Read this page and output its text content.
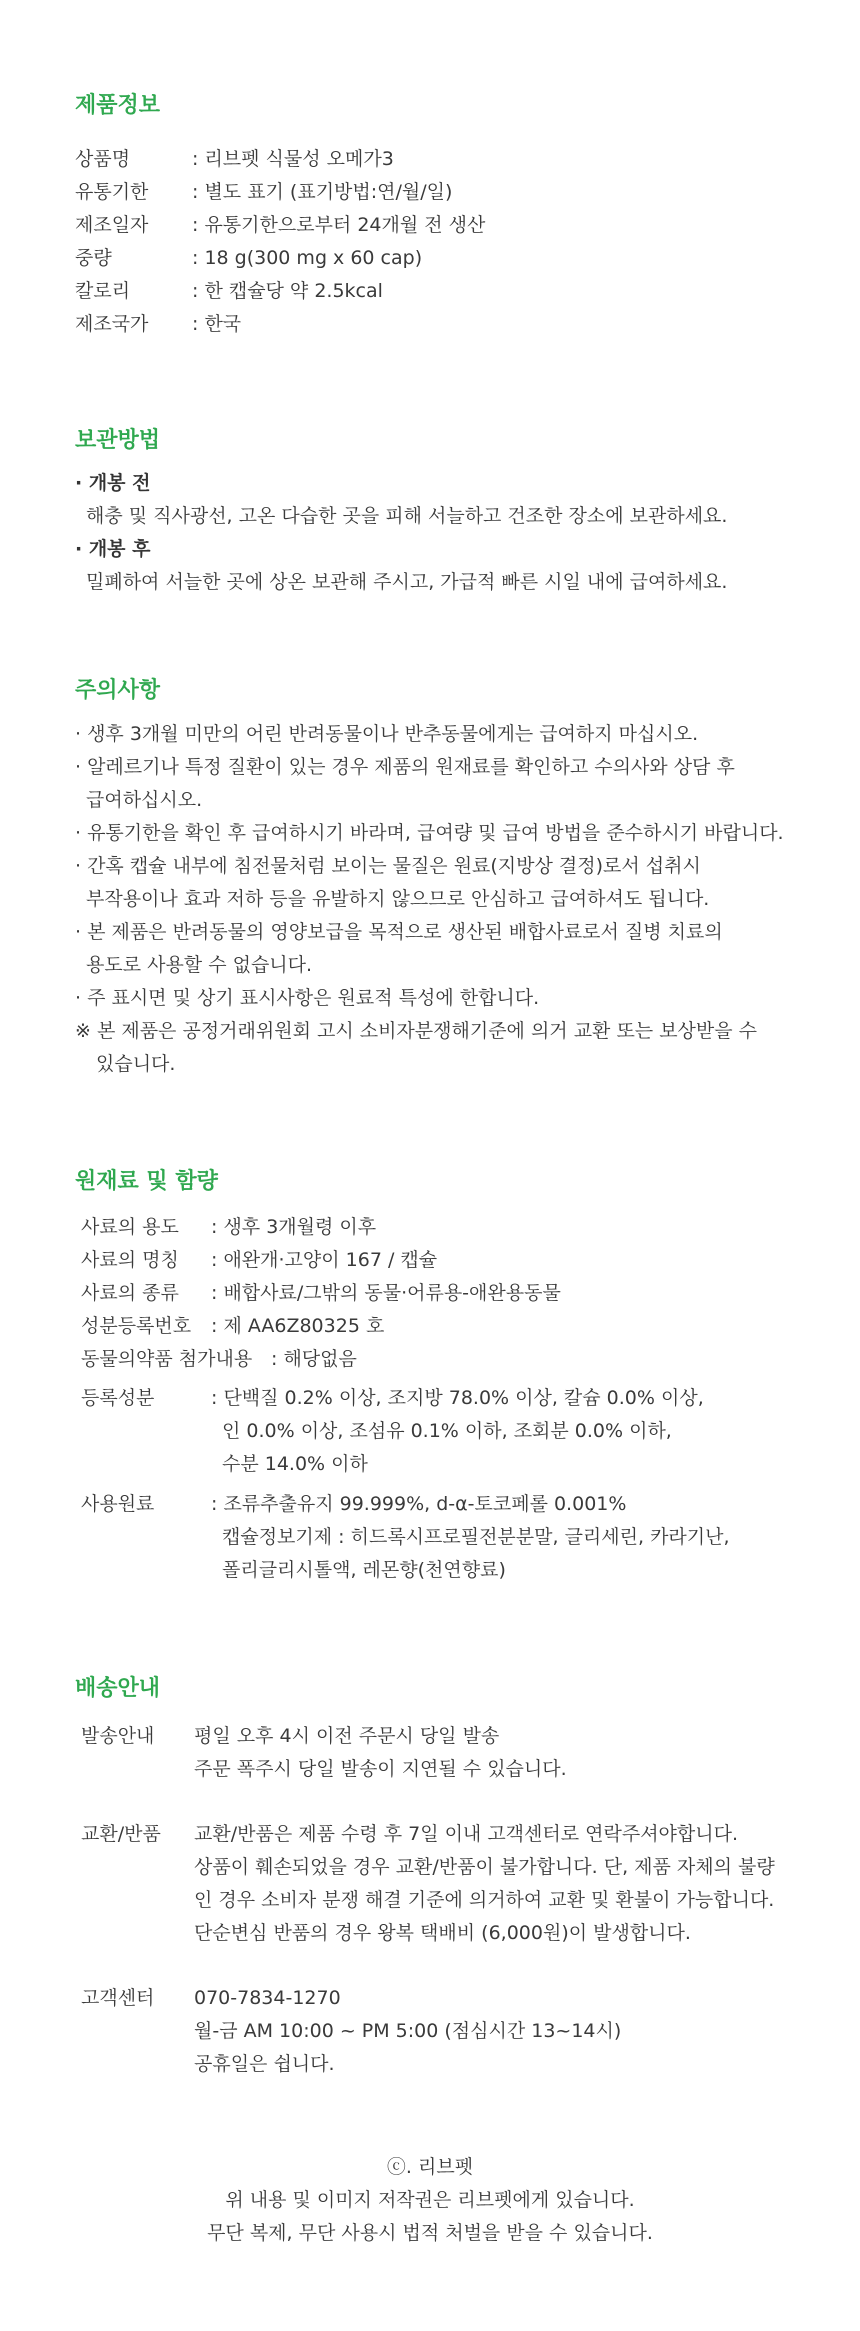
제품정보
상품명	: 리브펫 식물성 오메가3
유통기한 : 별도 표기 (표기방법:연/월/일)
제조일자 : 유통기한으로부터 24개월 전 생산
중량	: 18 g(300 mg x 60 cap)
칼로리	: 한 캡슐당 약 2.5kcal
제조국가 : 한국
보관방법
· 개봉 전
해충 및 직사광선, 고온 다습한 곳을 피해 서늘하고 건조한 장소에 보관하세요.
· 개봉 후
밀폐하여 서늘한 곳에 상온 보관해 주시고, 가급적 빠른 시일 내에 급여하세요.
주의사항
· 생후 3개월 미만의 어린 반려동물이나 반추동물에게는 급여하지 마십시오.
· 알레르기나 특정 질환이 있는 경우 제품의 원재료를 확인하고 수의사와 상담 후
급여하십시오.
· 유통기한을 확인 후 급여하시기 바라며, 급여량 및 급여 방법을 준수하시기 바랍니다.
· 간혹 캡슐 내부에 침전물처럼 보이는 물질은 원료(지방상 결정)로서 섭취시
부작용이나 효과 저하 등을 유발하지 않으므로 안심하고 급여하셔도 됩니다.
· 본 제품은 반려동물의 영양보급을 목적으로 생산된 배합사료로서 질병 치료의
용도로 사용할 수 없습니다.
· 주 표시면 및 상기 표시사항은 원료적 특성에 한합니다.
※ 본 제품은 공정거래위원회 고시 소비자분쟁해기준에 의거 교환 또는 보상받을 수
있습니다.
원재료 및 함량
사료의 용도 : 생후 3개월령 이후
사료의 명칭 : 애완개·고양이 167 / 캡슐
사료의 종류 : 배합사료/그밖의 동물·어류용-애완용동물
성분등록번호 : 제 AA6Z80325 호
동물의약품 첨가내용 : 해당없음
등록성분	: 단백질 0.2% 이상, 조지방 78.0% 이상, 칼슘 0.0% 이상,
인 0.0% 이상, 조섬유 0.1% 이하, 조회분 0.0% 이하,
수분 14.0% 이하
사용원료	: 조류추출유지 99.999%, d-α-토코페롤 0.001%
캡슐정보기제 : 히드록시프로필전분분말, 글리세린, 카라기난,
폴리글리시톨액, 레몬향(천연향료)
배송안내
발송안내 평일 오후 4시 이전 주문시 당일 발송
주문 폭주시 당일 발송이 지연될 수 있습니다.
교환/반품 교환/반품은 제품 수령 후 7일 이내 고객센터로 연락주셔야합니다.
상품이 훼손되었을 경우 교환/반품이 불가합니다. 단, 제품 자체의 불량
인 경우 소비자 분쟁 해결 기준에 의거하여 교환 및 환불이 가능합니다.
단순변심 반품의 경우 왕복 택배비 (6,000원)이 발생합니다.
고객센터 070-7834-1270
월-금 AM 10:00 ~ PM 5:00 (점심시간 13~14시)
공휴일은 쉽니다.
ⓒ. 리브펫
위 내용 및 이미지 저작권은 리브펫에게 있습니다.
무단 복제, 무단 사용시 법적 처벌을 받을 수 있습니다.
